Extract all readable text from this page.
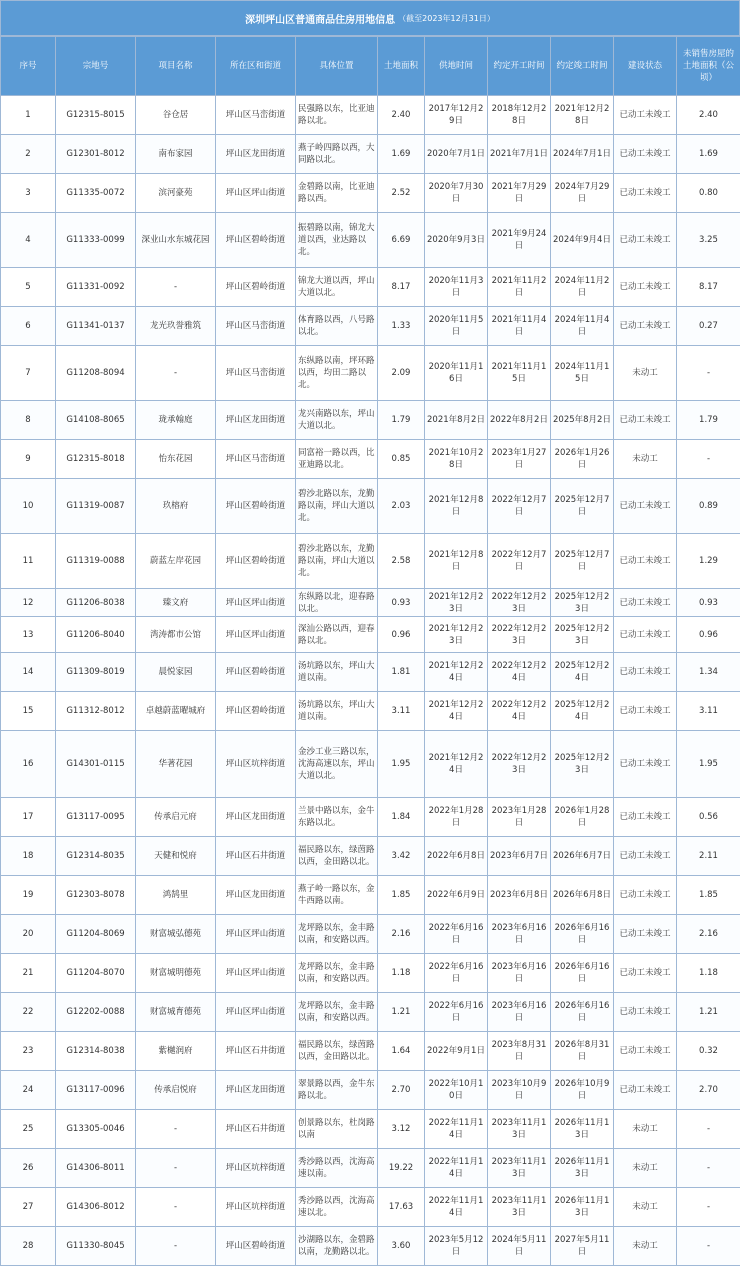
深圳坪山区普通商品住房用地信息 （截至2023年12月31日）
序号	宗地号	项目名称	所在区和街道	具体位置	土地面积	供地时间	约定开工时间	约定竣工时间	建设状态	未销售房屋的土地面积（公顷）
1	G12315-8015	谷仓居	坪山区马峦街道	民强路以东，比亚迪路以北。	2.40	2017年12月29日	2018年12月28日	2021年12月28日	已动工未竣工	2.40
2	G12301-8012	南布家园	坪山区龙田街道	燕子岭四路以西，大同路以北。	1.69	2020年7月1日	2021年7月1日	2024年7月1日	已动工未竣工	1.69
3	G11335-0072	滨河豪苑	坪山区坪山街道	金碧路以南，比亚迪路以西。	2.52	2020年7月30日	2021年7月29日	2024年7月29日	已动工未竣工	0.80
4	G11333-0099	深业山水东城花园	坪山区碧岭街道	振碧路以南，锦龙大道以西，业达路以北。	6.69	2020年9月3日	2021年9月24日	2024年9月4日	已动工未竣工	3.25
5	G11331-0092	-	坪山区碧岭街道	锦龙大道以西，坪山大道以北。	8.17	2020年11月3日	2021年11月2日	2024年11月2日	已动工未竣工	8.17
6	G11341-0137	龙光玖誉雅筑	坪山区马峦街道	体育路以西，八号路以北。	1.33	2020年11月5日	2021年11月4日	2024年11月4日	已动工未竣工	0.27
7	G11208-8094	-	坪山区马峦街道	东纵路以南，坪环路以西，均田二路以北。	2.09	2020年11月16日	2021年11月15日	2024年11月15日	未动工	-
8	G14108-8065	珑承翰庭	坪山区龙田街道	龙兴南路以东，坪山大道以北。	1.79	2021年8月2日	2022年8月2日	2025年8月2日	已动工未竣工	1.79
9	G12315-8018	怡东花园	坪山区马峦街道	同富裕一路以西，比亚迪路以北。	0.85	2021年10月28日	2023年1月27日	2026年1月26日	未动工	-
10	G11319-0087	玖榕府	坪山区碧岭街道	碧沙北路以东，龙勤路以南，坪山大道以北。	2.03	2021年12月8日	2022年12月7日	2025年12月7日	已动工未竣工	0.89
11	G11319-0088	蔚蓝左岸花园	坪山区碧岭街道	碧沙北路以东，龙勤路以南，坪山大道以北。	2.58	2021年12月8日	2022年12月7日	2025年12月7日	已动工未竣工	1.29
12	G11206-8038	臻文府	坪山区坪山街道	东纵路以北，迎春路以北。	0.93	2021年12月23日	2022年12月23日	2025年12月23日	已动工未竣工	0.93
13	G11206-8040	湾涛都市公馆	坪山区坪山街道	深汕公路以西，迎春路以北。	0.96	2021年12月23日	2022年12月23日	2025年12月23日	已动工未竣工	0.96
14	G11309-8019	晨悦家园	坪山区碧岭街道	汤坑路以东，坪山大道以南。	1.81	2021年12月24日	2022年12月24日	2025年12月24日	已动工未竣工	1.34
15	G11312-8012	卓越蔚蓝曜城府	坪山区碧岭街道	汤坑路以东，坪山大道以南。	3.11	2021年12月24日	2022年12月24日	2025年12月24日	已动工未竣工	3.11
16	G14301-0115	华著花园	坪山区坑梓街道	金沙工业三路以东，沈海高速以东，坪山大道以北。	1.95	2021年12月24日	2022年12月23日	2025年12月23日	已动工未竣工	1.95
17	G13117-0095	传承启元府	坪山区龙田街道	兰景中路以东，金牛东路以北。	1.84	2022年1月28日	2023年1月28日	2026年1月28日	已动工未竣工	0.56
18	G12314-8035	天健和悦府	坪山区石井街道	福民路以东，绿茵路以西，金田路以北。	3.42	2022年6月8日	2023年6月7日	2026年6月7日	已动工未竣工	2.11
19	G12303-8078	鸿鹄里	坪山区龙田街道	燕子岭一路以东，金牛西路以南。	1.85	2022年6月9日	2023年6月8日	2026年6月8日	已动工未竣工	1.85
20	G11204-8069	财富城弘德苑	坪山区坪山街道	龙坪路以东，金丰路以南，和安路以西。	2.16	2022年6月16日	2023年6月16日	2026年6月16日	已动工未竣工	2.16
21	G11204-8070	财富城明德苑	坪山区坪山街道	龙坪路以东，金丰路以南，和安路以西。	1.18	2022年6月16日	2023年6月16日	2026年6月16日	已动工未竣工	1.18
22	G12202-0088	财富城育德苑	坪山区坪山街道	龙坪路以东，金丰路以南，和安路以西。	1.21	2022年6月16日	2023年6月16日	2026年6月16日	已动工未竣工	1.21
23	G12314-8038	紫樾润府	坪山区石井街道	福民路以东，绿茵路以西，金田路以北。	1.64	2022年9月1日	2023年8月31日	2026年8月31日	已动工未竣工	0.32
24	G13117-0096	传承启悦府	坪山区龙田街道	翠景路以西，金牛东路以北。	2.70	2022年10月10日	2023年10月9日	2026年10月9日	已动工未竣工	2.70
25	G13305-0046	-	坪山区石井街道	创景路以东，杜岗路以南	3.12	2022年11月14日	2023年11月13日	2026年11月13日	未动工	-
26	G14306-8011	-	坪山区坑梓街道	秀沙路以西，沈海高速以南。	19.22	2022年11月14日	2023年11月13日	2026年11月13日	未动工	-
27	G14306-8012	-	坪山区坑梓街道	秀沙路以西，沈海高速以北。	17.63	2022年11月14日	2023年11月13日	2026年11月13日	未动工	-
28	G11330-8045	-	坪山区碧岭街道	沙湖路以东，金碧路以南，龙勤路以北。	3.60	2023年5月12日	2024年5月11日	2027年5月11日	未动工	-
